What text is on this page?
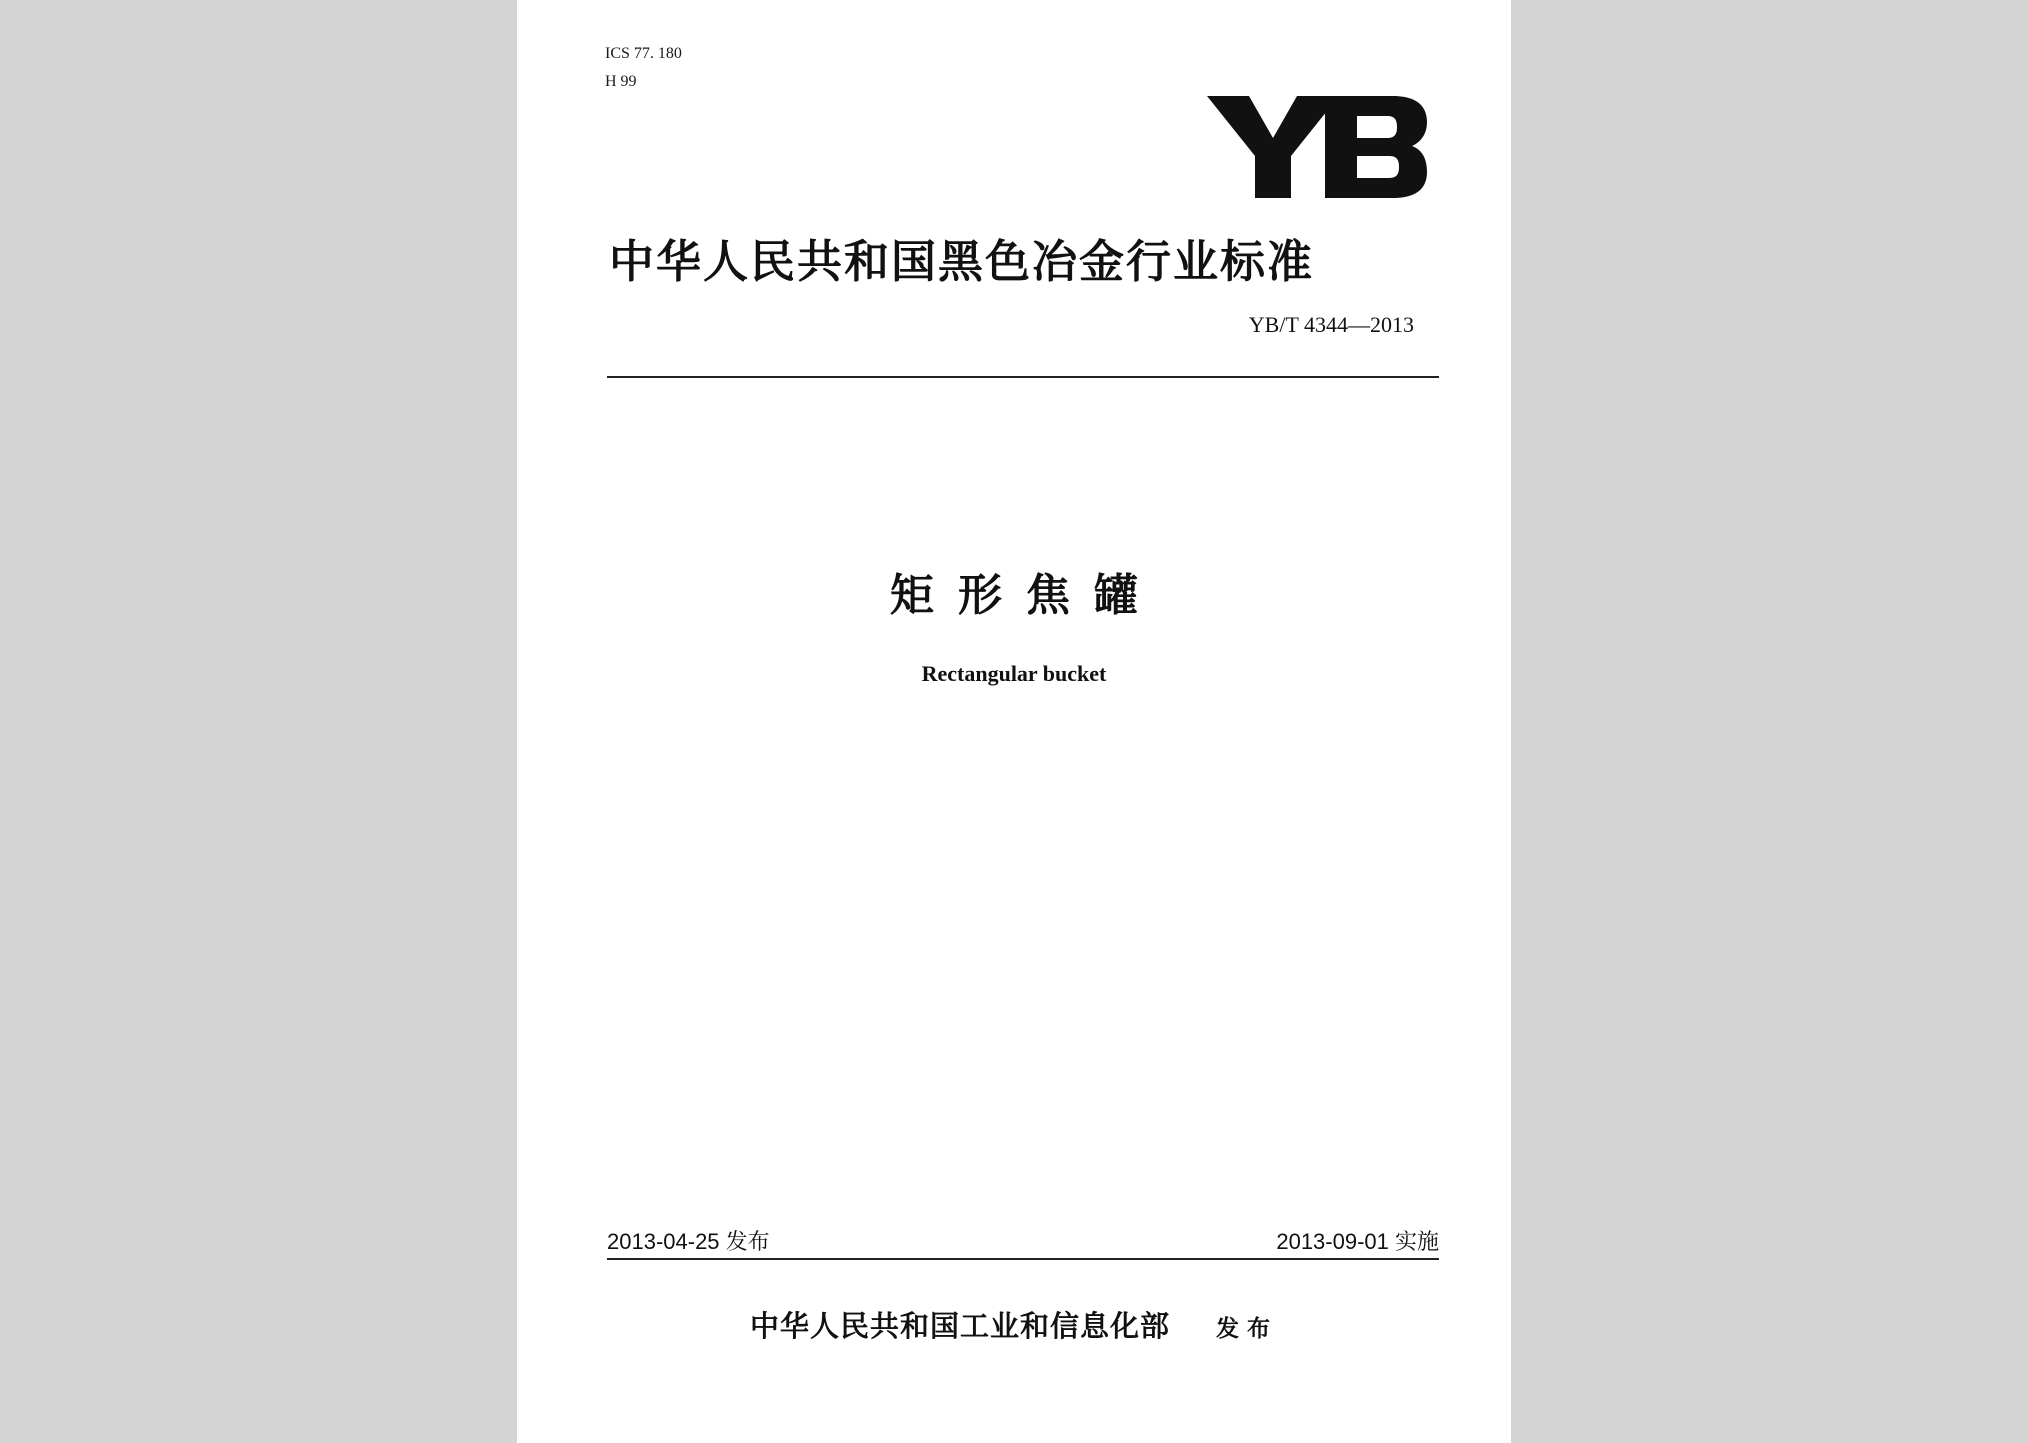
ICS 77. 180
H 99
中华人民共和国黑色冶金行业标准
YB/T 4344—2013
矩形焦罐
Rectangular bucket
2013-04-25 发布	2013-09-01 实施
中华人民共和国工业和信息化部 发布
